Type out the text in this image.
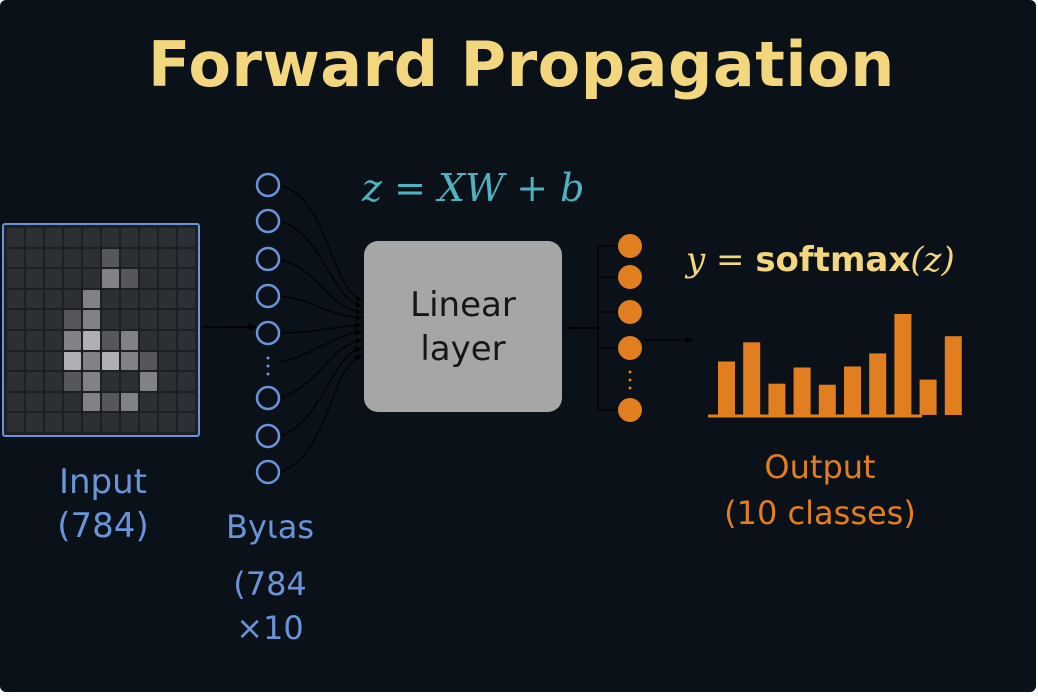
Forward Propagation
z = XW + b
y = softmax(z)
Input
(784)	Byιas
(784
×10
Linear
layer
Output
(10 classes)
